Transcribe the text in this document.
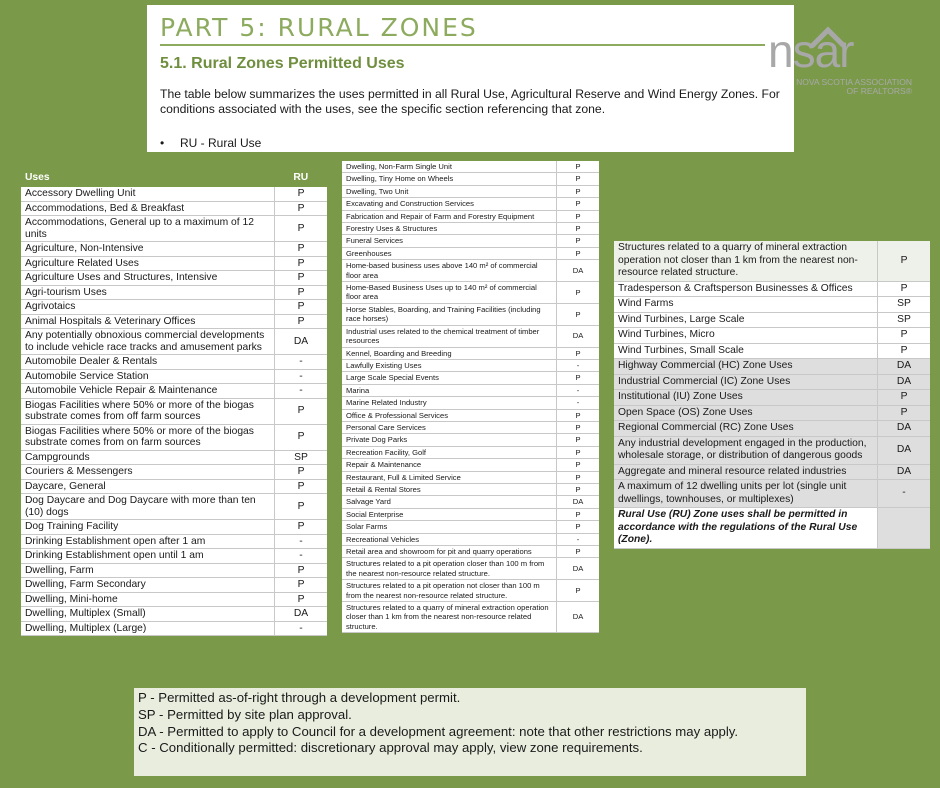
PART 5: RURAL ZONES
5.1. Rural Zones Permitted Uses
The table below summarizes the uses permitted in all Rural Use, Agricultural Reserve and Wind Energy Zones. For conditions associated with the uses, see the specific section referencing that zone.
• RU - Rural Use
nsar
NOVA SCOTIA ASSOCIATION
OF REALTORS®
Uses	RU
Accessory Dwelling Unit	P
Accommodations, Bed & Breakfast	P
Accommodations, General up to a maximum of 12 units	P
Agriculture, Non-Intensive	P
Agriculture Related Uses	P
Agriculture Uses and Structures, Intensive	P
Agri-tourism Uses	P
Agrivotaics	P
Animal Hospitals & Veterinary Offices	P
Any potentially obnoxious commercial developments to include vehicle race tracks and amusement parks	DA
Automobile Dealer & Rentals	-
Automobile Service Station	-
Automobile Vehicle Repair & Maintenance	-
Biogas Facilities where 50% or more of the biogas substrate comes from off farm sources	P
Biogas Facilities where 50% or more of the biogas substrate comes from on farm sources	P
Campgrounds	SP
Couriers & Messengers	P
Daycare, General	P
Dog Daycare and Dog Daycare with more than ten (10) dogs	P
Dog Training Facility	P
Drinking Establishment open after 1 am	-
Drinking Establishment open until 1 am	-
Dwelling, Farm	P
Dwelling, Farm Secondary	P
Dwelling, Mini-home	P
Dwelling, Multiplex (Small)	DA
Dwelling, Multiplex (Large)	-
Dwelling, Non-Farm Single Unit	P
Dwelling, Tiny Home on Wheels	P
Dwelling, Two Unit	P
Excavating and Construction Services	P
Fabrication and Repair of Farm and Forestry Equipment	P
Forestry Uses & Structures	P
Funeral Services	P
Greenhouses	P
Home-based business uses above 140 m² of commercial floor area	DA
Home-Based Business Uses up to 140 m² of commercial floor area	P
Horse Stables, Boarding, and Training Facilities (including race horses)	P
Industrial uses related to the chemical treatment of timber resources	DA
Kennel, Boarding and Breeding	P
Lawfully Existing Uses	-
Large Scale Special Events	P
Marina	-
Marine Related Industry	-
Office & Professional Services	P
Personal Care Services	P
Private Dog Parks	P
Recreation Facility, Golf	P
Repair & Maintenance	P
Restaurant, Full & Limited Service	P
Retail & Rental Stores	P
Salvage Yard	DA
Social Enterprise	P
Solar Farms	P
Recreational Vehicles	-
Retail area and showroom for pit and quarry operations	P
Structures related to a pit operation closer than 100 m from the nearest non-resource related structure.	DA
Structures related to a pit operation not closer than 100 m from the nearest non-resource related structure.	P
Structures related to a quarry of mineral extraction operation closer than 1 km from the nearest non-resource related structure.	DA
Structures related to a quarry of mineral extraction operation not closer than 1 km from the nearest non-resource related structure.	P
Tradesperson & Craftsperson Businesses & Offices	P
Wind Farms	SP
Wind Turbines, Large Scale	SP
Wind Turbines, Micro	P
Wind Turbines, Small Scale	P
Highway Commercial (HC) Zone Uses	DA
Industrial Commercial (IC) Zone Uses	DA
Institutional (IU) Zone Uses	P
Open Space (OS) Zone Uses	P
Regional Commercial (RC) Zone Uses	DA
Any industrial development engaged in the production, wholesale storage, or distribution of dangerous goods	DA
Aggregate and mineral resource related industries	DA
A maximum of 12 dwelling units per lot (single unit dwellings, townhouses, or multiplexes)	-
Rural Use (RU) Zone uses shall be permitted in accordance with the regulations of the Rural Use (Zone).	
P - Permitted as-of-right through a development permit.
SP - Permitted by site plan approval.
DA - Permitted to apply to Council for a development agreement: note that other restrictions may apply.
C - Conditionally permitted: discretionary approval may apply, view zone requirements.
